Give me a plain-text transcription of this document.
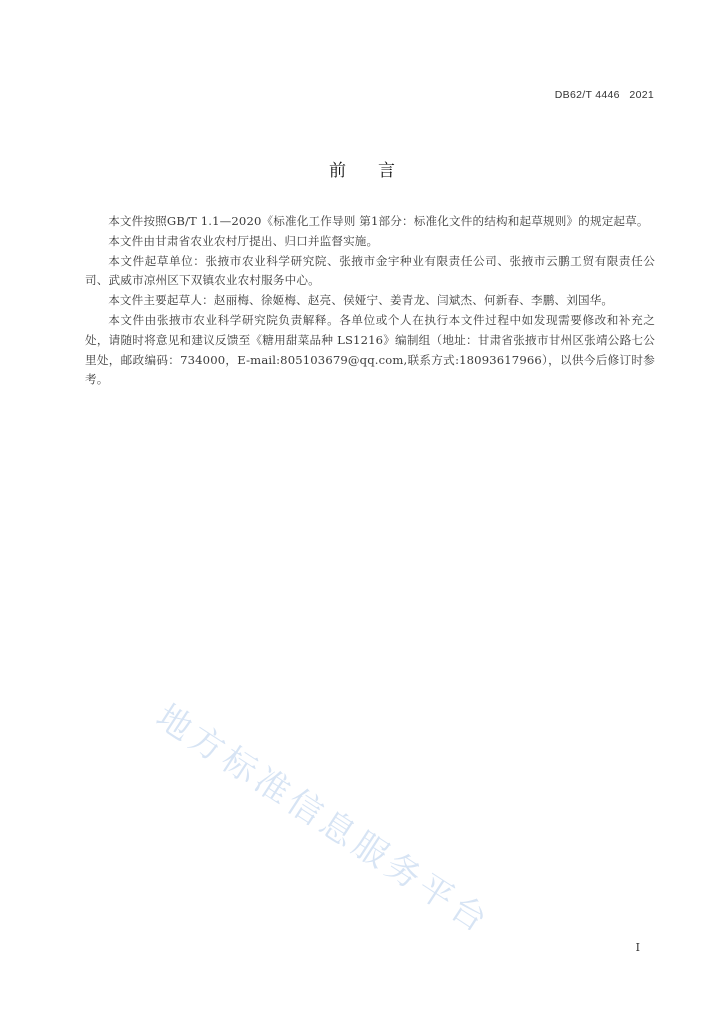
DB62/T 4446   2021
前言

本文件按照GB/T 1.1—2020《标准化工作导则 第1部分：标准化文件的结构和起草规则》的规定起草。

本文件由甘肃省农业农村厅提出、归口并监督实施。

本文件起草单位：张掖市农业科学研究院、张掖市金宇种业有限责任公司、张掖市云鹏工贸有限责任公司、武威市凉州区下双镇农业农村服务中心。

本文件主要起草人：赵丽梅、徐姬梅、赵亮、侯娅宁、姜青龙、闫斌杰、何新春、李鹏、刘国华。

本文件由张掖市农业科学研究院负责解释。各单位或个人在执行本文件过程中如发现需要修改和补充之处，请随时将意见和建议反馈至《糖用甜菜品种 LS1216》编制组（地址：甘肃省张掖市甘州区张靖公路七公里处，邮政编码：734000，E-mail:805103679@qq.com,联系方式:18093617966），以供今后修订时参考。

地方标准信息服务平台
I
